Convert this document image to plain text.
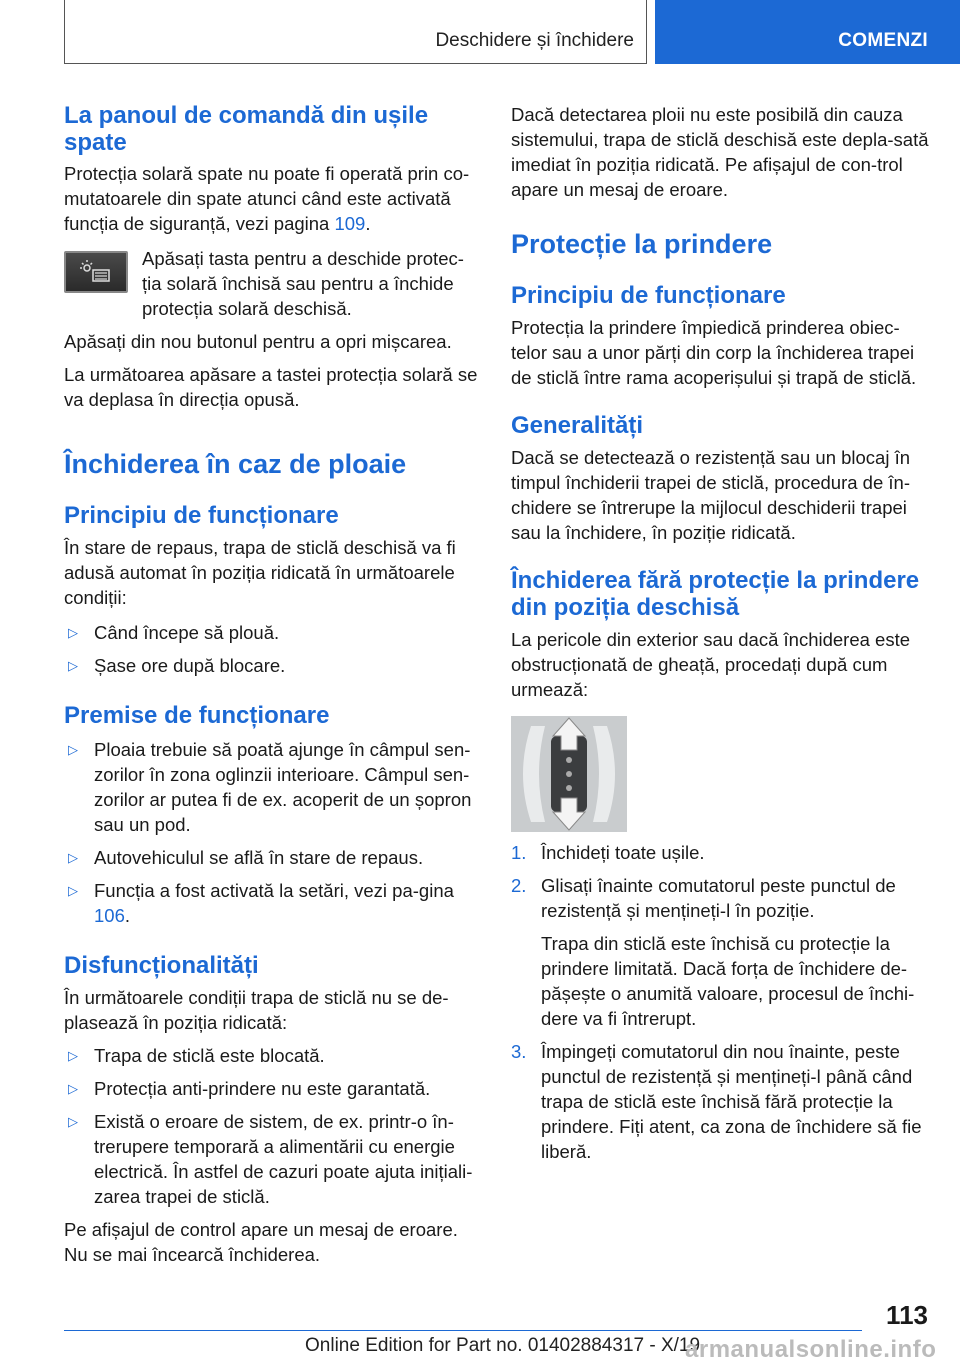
Deschidere și închidere	COMENZI
La panoul de comandă din ușile spate

Protecția solară spate nu poate fi operată prin co-mutatoarele din spate atunci când este activată funcția de siguranță, vezi pagina 109.

Apăsați tasta pentru a deschide protec-ția solară închisă sau pentru a închide protecția solară deschisă.

Apăsați din nou butonul pentru a opri mișcarea.

La următoarea apăsare a tastei protecția solară se va deplasa în direcția opusă.

Închiderea în caz de ploaie
Principiu de funcționare

În stare de repaus, trapa de sticlă deschisă va fi adusă automat în poziția ridicată în următoarele condiții:

▷ Când începe să plouă.
▷ Șase ore după blocare.
Premise de funcționare
▷ Ploaia trebuie să poată ajunge în câmpul sen-zorilor în zona oglinzii interioare. Câmpul sen-zorilor ar putea fi de ex. acoperit de un șopron sau un pod.
▷ Autovehiculul se află în stare de repaus.
▷ Funcția a fost activată la setări, vezi pa-gina 106.
Disfuncționalități

În următoarele condiții trapa de sticlă nu se de-plasează în poziția ridicată:

▷ Trapa de sticlă este blocată.
▷ Protecția anti-prindere nu este garantată.
▷ Există o eroare de sistem, de ex. printr-o în-trerupere temporară a alimentării cu energie electrică. În astfel de cazuri poate ajuta inițiali-zarea trapei de sticlă.

Pe afișajul de control apare un mesaj de eroare. Nu se mai încearcă închiderea.

Dacă detectarea ploii nu este posibilă din cauza sistemului, trapa de sticlă deschisă este depla-sată imediat în poziția ridicată. Pe afișajul de con-trol apare un mesaj de eroare.

Protecție la prindere
Principiu de funcționare

Protecția la prindere împiedică prinderea obiec-telor sau a unor părți din corp la închiderea trapei de sticlă între rama acoperișului și trapă de sticlă.

Generalități

Dacă se detectează o rezistență sau un blocaj în timpul închiderii trapei de sticlă, procedura de în-chidere se întrerupe la mijlocul deschiderii trapei sau la închidere, în poziție ridicată.

Închiderea fără protecție la prindere din poziția deschisă

La pericole din exterior sau dacă închiderea este obstrucționată de gheață, procedați după cum urmează:

1. Închideți toate ușile.
2. Glisați înainte comutatorul peste punctul de rezistență și mențineți-l în poziție.
Trapa din sticlă este închisă cu protecție la prindere limitată. Dacă forța de închidere de-pășește o anumită valoare, procesul de închi-dere va fi întrerupt.
3. Împingeți comutatorul din nou înainte, peste punctul de rezistență și mențineți-l până când trapa de sticlă este închisă fără protecție la prindere. Fiți atent, ca zona de închidere să fie liberă.
113
Online Edition for Part no. 01402884317 - X/19
armanualsonline.info
